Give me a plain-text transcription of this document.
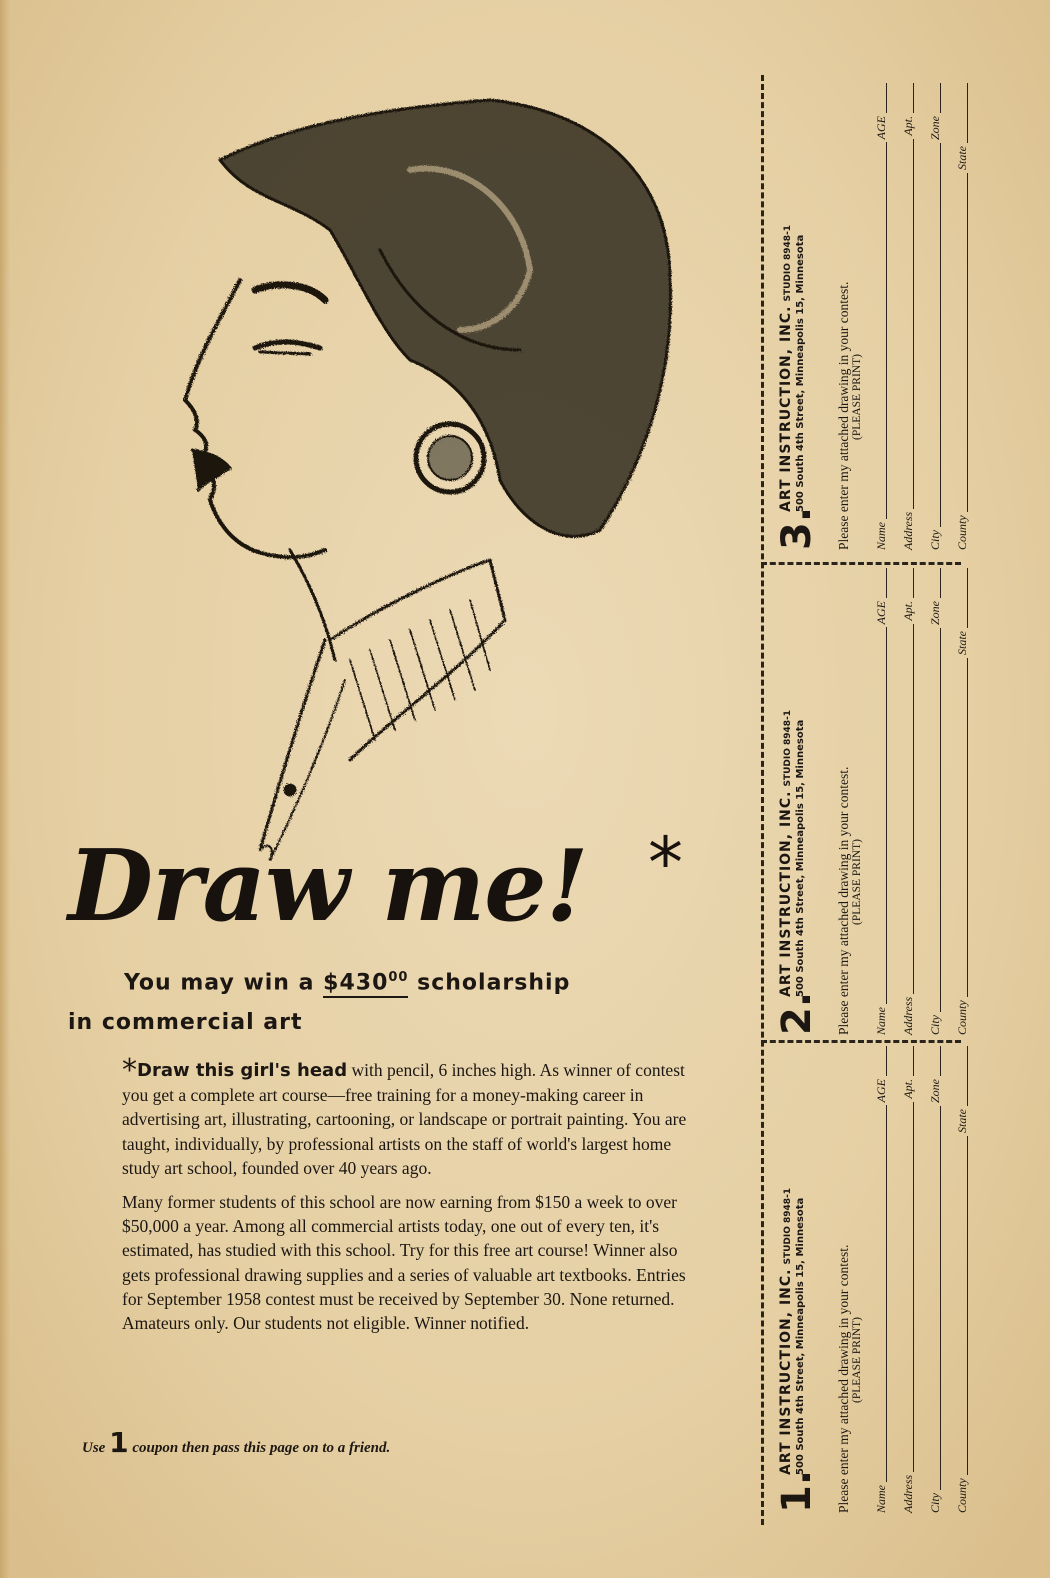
Draw me! *
You may win a $\$430^{00}$ scholarship
in commercial art

*Draw this girl's head with pencil, 6 inches high. As winner of contest you get a complete art course—free training for a money-making career in advertising art, illustrating, cartooning, or landscape or portrait painting. You are taught, individually, by professional artists on the staff of world's largest home study art school, founded over 40 years ago.

Many former students of this school are now earning from $150 a week to over $50,000 a year. Among all commercial artists today, one out of every ten, it's estimated, has studied with this school. Try for this free art course! Winner also gets professional drawing supplies and a series of valuable art textbooks. Entries for September 1958 contest must be received by September 30. None returned. Amateurs only. Our students not eligible. Winner notified.

Use 1 coupon then pass this page on to a friend.
3.
ART INSTRUCTION, INC.STUDIO 8948-1 500 South 4th Street, Minneapolis 15, Minnesota Please enter my attached drawing in your contest. (PLEASE PRINT)
Name
AGE
Address
Apt.
City
Zone
County
State
2.
ART INSTRUCTION, INC.STUDIO 8948-1 500 South 4th Street, Minneapolis 15, Minnesota Please enter my attached drawing in your contest. (PLEASE PRINT)
Name
AGE
Address
Apt.
City
Zone
County
State
1.
ART INSTRUCTION, INC.STUDIO 8948-1 500 South 4th Street, Minneapolis 15, Minnesota Please enter my attached drawing in your contest. (PLEASE PRINT)
Name
AGE
Address
Apt.
City
Zone
County
State
